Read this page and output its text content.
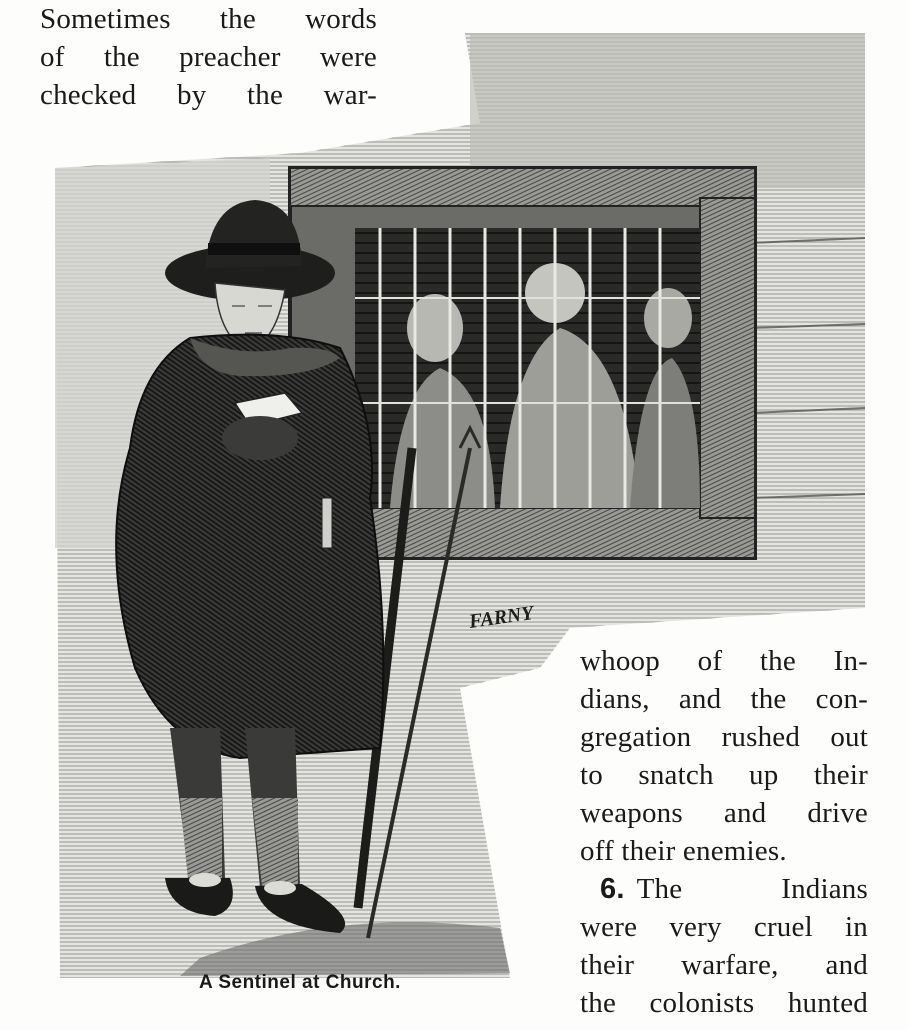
Sometimes the words
of the preacher were
checked by the war-
FARNY
A Sentinel at Church.
whoop of the In-
dians, and the con-
gregation rushed out
to snatch up their
weapons and drive
off their enemies.
6. The Indians
were very cruel in
their warfare, and
the colonists hunted
